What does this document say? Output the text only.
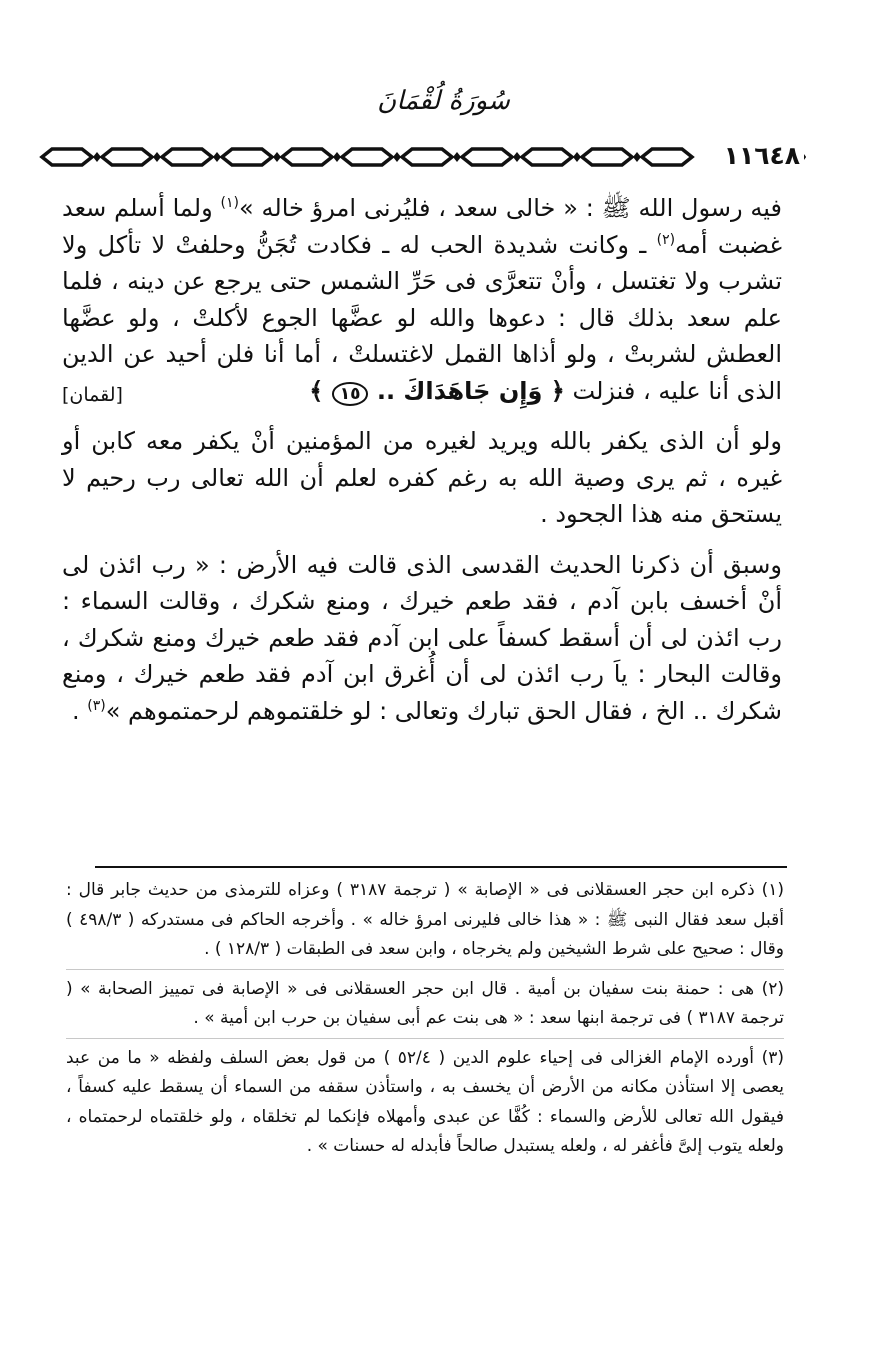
سُورَةُ لُقْمَانَ
١١٦٤٨

فيه رسول الله ﷺ : « خالى سعد ، فليُرنى امرؤ خاله »$^{(١)}$ ولما أسلم سعد غضبت أمه$^{(٢)}$ ـ وكانت شديدة الحب له ـ فكادت تُجَنُّ وحلفتْ لا تأكل ولا تشرب ولا تغتسل ، وأنْ تتعرَّى فى حَرِّ الشمس حتى يرجع عن دينه ، فلما علم سعد بذلك قال : دعوها والله لو عضَّها الجوع لأكلتْ ، ولو عضَّها العطش لشربتْ ، ولو أذاها القمل لاغتسلتْ ، أما أنا فلن أحيد عن الدين الذى أنا عليه ، فنزلت ﴿ وَإِن جَاهَدَاكَ .. ١٥ ﴾
[لقمان]

ولو أن الذى يكفر بالله ويريد لغيره من المؤمنين أنْ يكفر معه كابن أو غيره ، ثم يرى وصية الله به رغم كفره لعلم أن الله تعالى رب رحيم لا يستحق منه هذا الجحود .

وسبق أن ذكرنا الحديث القدسى الذى قالت فيه الأرض : « رب ائذن لى أنْ أخسف بابن آدم ، فقد طعم خيرك ، ومنع شكرك ، وقالت السماء : رب ائذن لى أن أسقط كسفاً على ابن آدم فقد طعم خيرك ومنع شكرك ، وقالت البحار : ياَ رب ائذن لى أن أُغرق ابن آدم فقد طعم خيرك ، ومنع شكرك .. الخ ، فقال الحق تبارك وتعالى : لو خلقتموهم لرحمتموهم »$^{(٣)}$ .

(١) ذكره ابن حجر العسقلانى فى « الإصابة » ( ترجمة ٣١٨٧ ) وعزاه للترمذى من حديث جابر قال : أقبل سعد فقال النبى ﷺ : « هذا خالى فليرنى امرؤ خاله » . وأخرجه الحاكم فى مستدركه ( ٤٩٨/٣ ) وقال : صحيح على شرط الشيخين ولم يخرجاه ، وابن سعد فى الطبقات ( ١٢٨/٣ ) .
(٢) هى : حمنة بنت سفيان بن أمية . قال ابن حجر العسقلانى فى « الإصابة فى تمييز الصحابة » ( ترجمة ٣١٨٧ ) فى ترجمة ابنها سعد : « هى بنت عم أبى سفيان بن حرب ابن أمية » .
(٣) أورده الإمام الغزالى فى إحياء علوم الدين ( ٥٢/٤ ) من قول بعض السلف ولفظه « ما من عبد يعصى إلا استأذن مكانه من الأرض أن يخسف به ، واستأذن سقفه من السماء أن يسقط عليه كسفاً ، فيقول الله تعالى للأرض والسماء : كُفَّا عن عبدى وأمهلاه فإنكما لم تخلقاه ، ولو خلقتماه لرحمتماه ، ولعله يتوب إلىَّ فأغفر له ، ولعله يستبدل صالحاً فأبدله له حسنات » .
